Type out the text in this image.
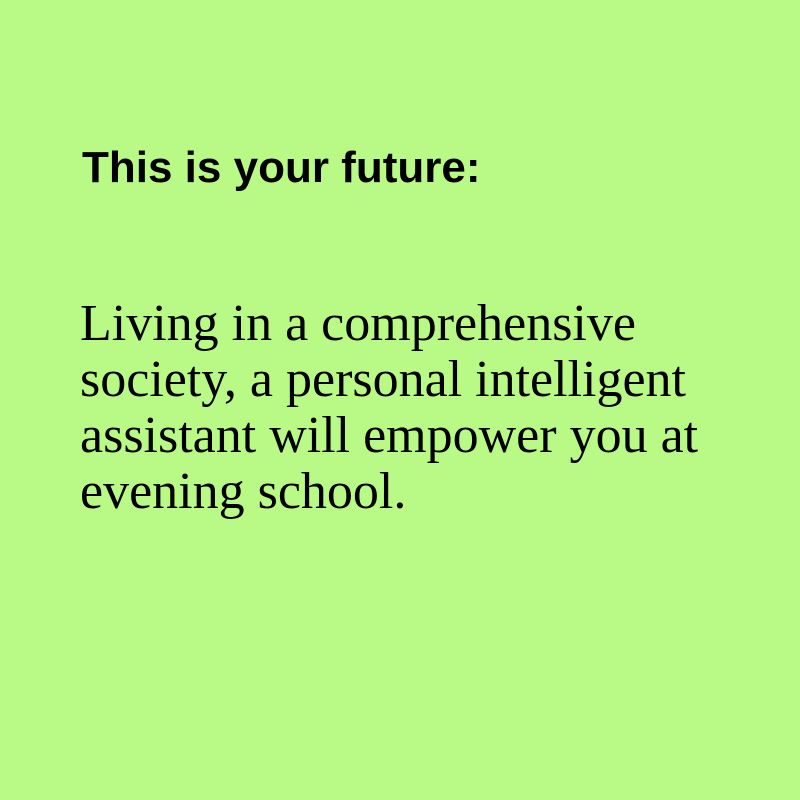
This is your future:

Living in a comprehensive society, a personal intelligent assistant will empower you at evening school.
